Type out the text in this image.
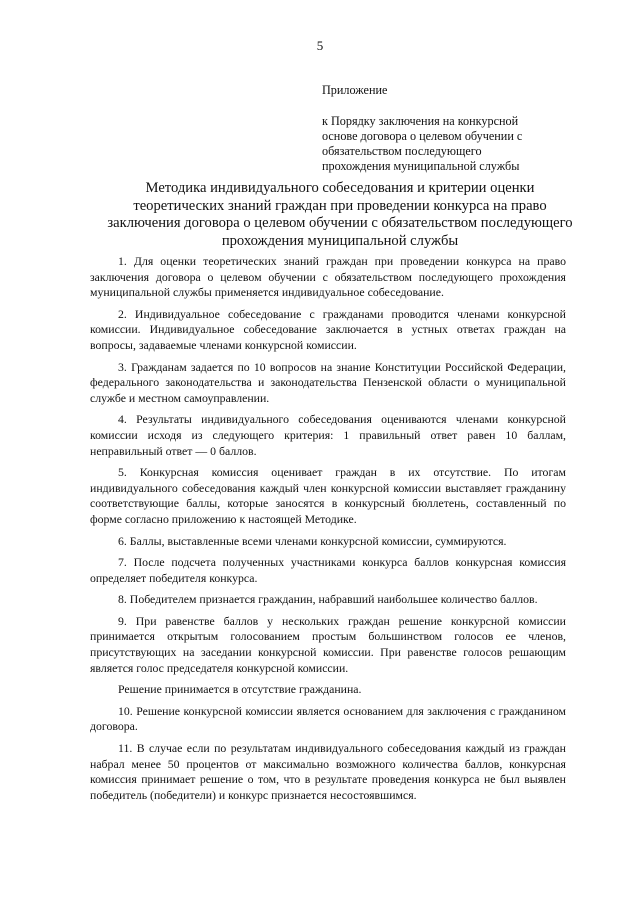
5

Приложение

к Порядку заключения на конкурсной
основе договора о целевом обучении с
обязательством последующего
прохождения муниципальной службы
Методика индивидуального собеседования и критерии оценки
теоретических знаний граждан при проведении конкурса на право
заключения договора о целевом обучении с обязательством последующего
прохождения муниципальной службы

1. Для оценки теоретических знаний граждан при проведении конкурса на право заключения договора о целевом обучении с обязательством последующего прохождения муниципальной службы применяется индивидуальное собеседование.

2. Индивидуальное собеседование с гражданами проводится членами конкурсной комиссии. Индивидуальное собеседование заключается в устных ответах граждан на вопросы, задаваемые членами конкурсной комиссии.

3. Гражданам задается по 10 вопросов на знание Конституции Российской Федерации, федерального законодательства и законодательства Пензенской области о муниципальной службе и местном самоуправлении.

4. Результаты индивидуального собеседования оцениваются членами конкурсной комиссии исходя из следующего критерия: 1 правильный ответ равен 10 баллам, неправильный ответ — 0 баллов.

5. Конкурсная комиссия оценивает граждан в их отсутствие. По итогам индивидуального собеседования каждый член конкурсной комиссии выставляет гражданину соответствующие баллы, которые заносятся в конкурсный бюллетень, составленный по форме согласно приложению к настоящей Методике.

6. Баллы, выставленные всеми членами конкурсной комиссии, суммируются.

7. После подсчета полученных участниками конкурса баллов конкурсная комиссия определяет победителя конкурса.

8. Победителем признается гражданин, набравший наибольшее количество баллов.

9. При равенстве баллов у нескольких граждан решение конкурсной комиссии принимается открытым голосованием простым большинством голосов ее членов, присутствующих на заседании конкурсной комиссии. При равенстве голосов решающим является голос председателя конкурсной комиссии.

Решение принимается в отсутствие гражданина.

10. Решение конкурсной комиссии является основанием для заключения с гражданином договора.

11. В случае если по результатам индивидуального собеседования каждый из граждан набрал менее 50 процентов от максимально возможного количества баллов, конкурсная комиссия принимает решение о том, что в результате проведения конкурса не был выявлен победитель (победители) и конкурс признается несостоявшимся.
